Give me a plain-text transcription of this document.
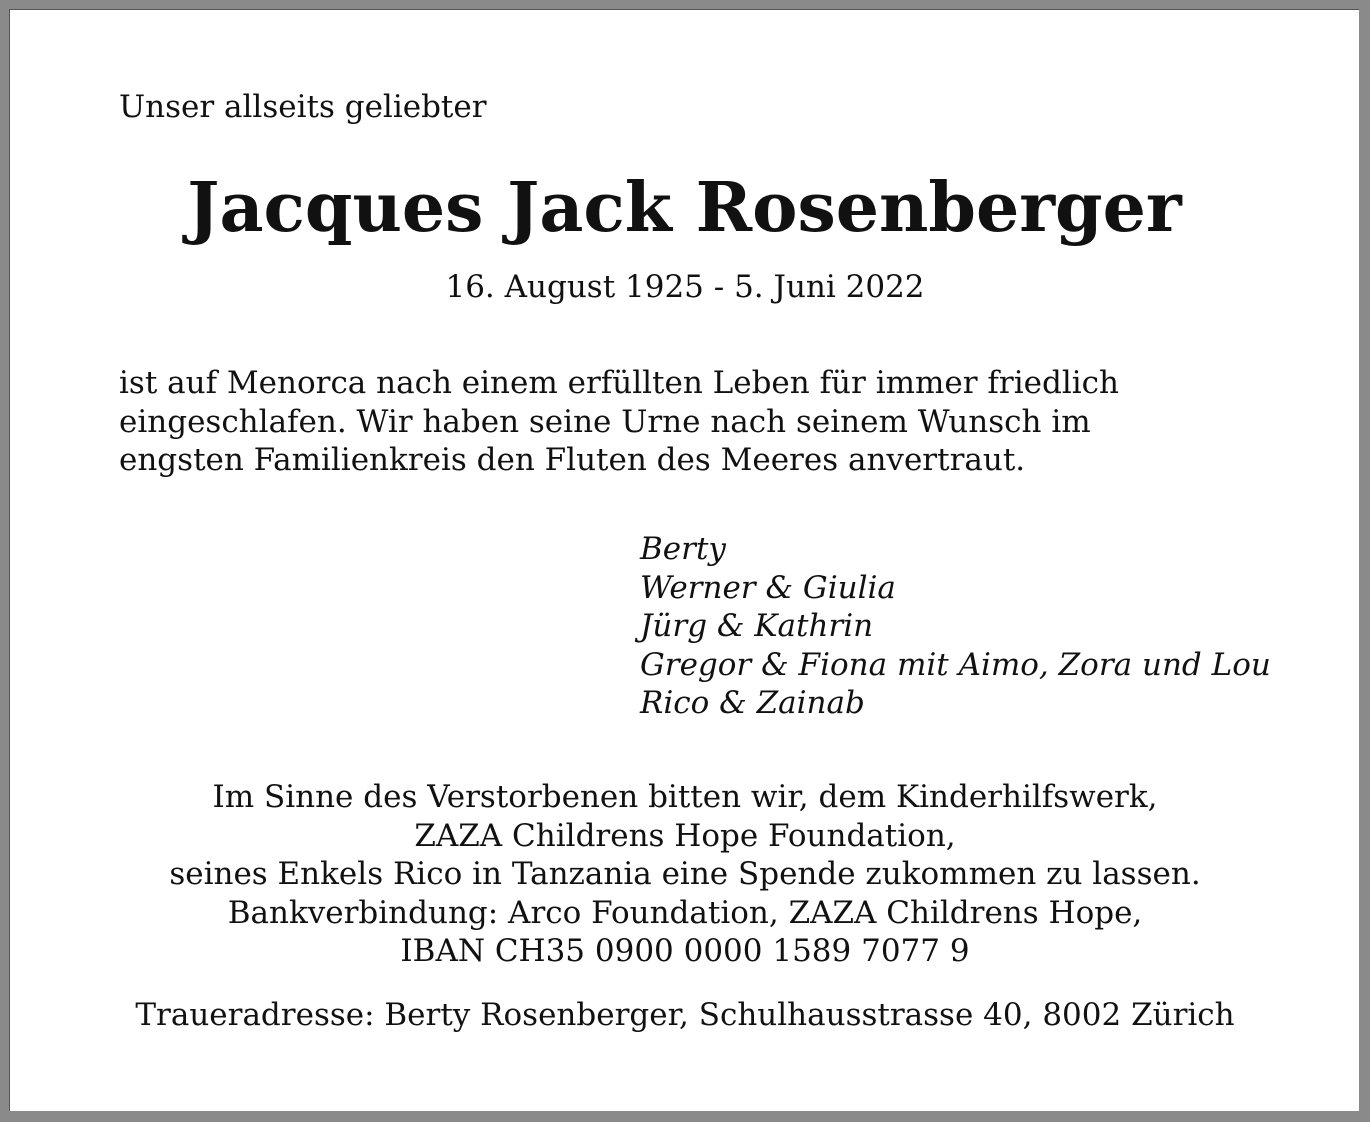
Unser allseits geliebter
Jacques Jack Rosenberger
16. August 1925 - 5. Juni 2022
ist auf Menorca nach einem erfüllten Leben für immer friedlich
eingeschlafen. Wir haben seine Urne nach seinem Wunsch im
engsten Familienkreis den Fluten des Meeres anvertraut.
Berty
Werner & Giulia
Jürg & Kathrin
Gregor & Fiona mit Aimo, Zora und Lou
Rico & Zainab
Im Sinne des Verstorbenen bitten wir, dem Kinderhilfswerk,
ZAZA Childrens Hope Foundation,
seines Enkels Rico in Tanzania eine Spende zukommen zu lassen.
Bankverbindung: Arco Foundation, ZAZA Childrens Hope,
IBAN CH35 0900 0000 1589 7077 9
Traueradresse: Berty Rosenberger, Schulhausstrasse 40, 8002 Zürich
